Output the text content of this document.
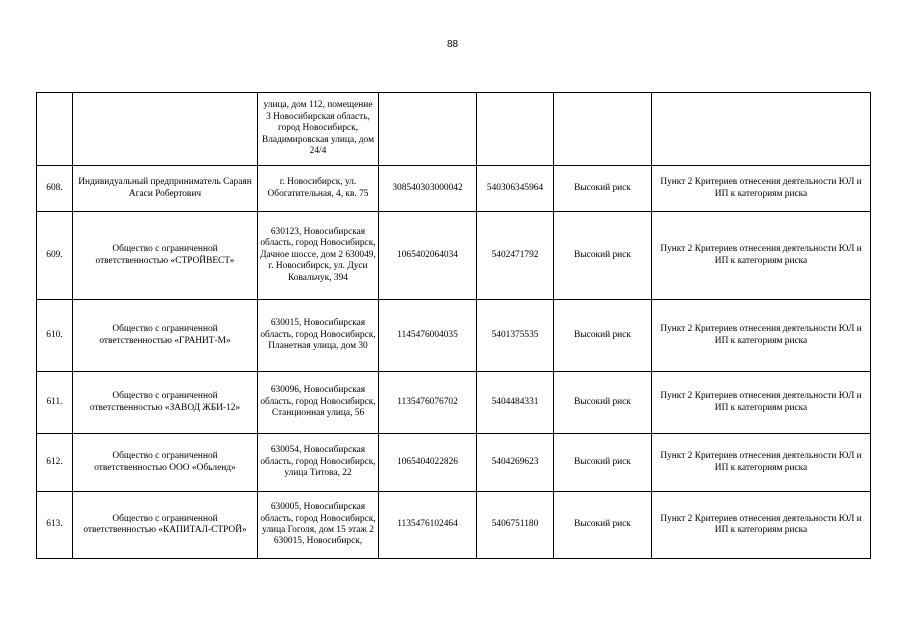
88
		улица, дом 112, помещение 3 Новосибирская область, город Новосибирск, Владимировская улица, дом 24/4				
608.	Индивидуальный предприниматель Сараян Агаси Робертович	г. Новосибирск, ул. Обогатительная, 4, кв. 75	308540303000042	540306345964	Высокий риск	Пункт 2 Критериев отнесения деятельности ЮЛ и ИП к категориям риска
609.	Общество с ограниченной ответственностью «СТРОЙВЕСТ»	630123, Новосибирская область, город Новосибирск, Дачное шоссе, дом 2 630049, г. Новосибирск, ул. Дуси Ковальчук, 394	1065402064034	5402471792	Высокий риск	Пункт 2 Критериев отнесения деятельности ЮЛ и ИП к категориям риска
610.	Общество с ограниченной ответственностью «ГРАНИТ-М»	630015, Новосибирская область, город Новосибирск, Планетная улица, дом 30	1145476004035	5401375535	Высокий риск	Пункт 2 Критериев отнесения деятельности ЮЛ и ИП к категориям риска
611.	Общество с ограниченной ответственностью «ЗАВОД ЖБИ-12»	630096, Новосибирская область, город Новосибирск, Станционная улица, 56	1135476076702	5404484331	Высокий риск	Пункт 2 Критериев отнесения деятельности ЮЛ и ИП к категориям риска
612.	Общество с ограниченной ответственностью ООО «Обьленд»	630054, Новосибирская область, город Новосибирск, улица Титова, 22	1065404022826	5404269623	Высокий риск	Пункт 2 Критериев отнесения деятельности ЮЛ и ИП к категориям риска
613.	Общество с ограниченной ответственностью «КАПИТАЛ-СТРОЙ»	630005, Новосибирская область, город Новосибирск, улица Гоголя, дом 15 этаж 2 630015, Новосибирск,	1135476102464	5406751180	Высокий риск	Пункт 2 Критериев отнесения деятельности ЮЛ и ИП к категориям риска
